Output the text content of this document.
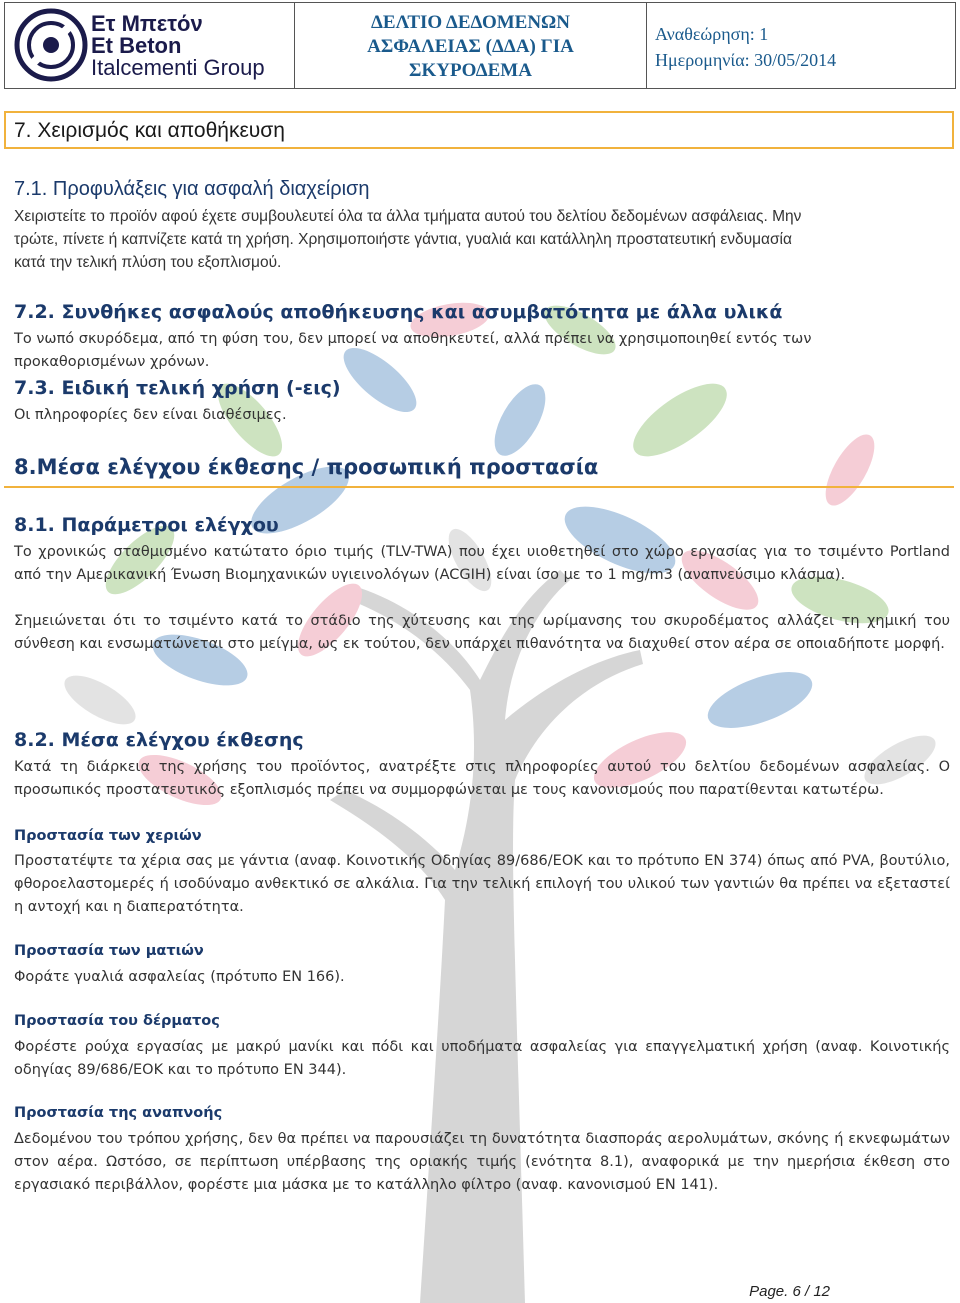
Ετ Μπετόν
Et Beton
Italcementi Group
ΔΕΛΤΙΟ ΔΕΔΟΜΕΝΩΝ
ΑΣΦΑΛΕΙΑΣ (ΔΔΑ) ΓΙΑ
ΣΚΥΡΟΔΕΜΑ
Αναθεώρηση: 1
Ημερομηνία: 30/05/2014
7. Χειρισμός και αποθήκευση
7.1. Προφυλάξεις για ασφαλή διαχείριση
Χειριστείτε το προϊόν αφού έχετε συμβουλευτεί όλα τα άλλα τμήματα αυτού του δελτίου δεδομένων ασφάλειας. Μην
τρώτε, πίνετε ή καπνίζετε κατά τη χρήση. Χρησιμοποιήστε γάντια, γυαλιά και κατάλληλη προστατευτική ενδυμασία
κατά την τελική πλύση του εξοπλισμού.
7.2. Συνθήκες ασφαλούς αποθήκευσης και ασυμβατότητα με άλλα υλικά
Το νωπό σκυρόδεμα, από τη φύση του, δεν μπορεί να αποθηκευτεί, αλλά πρέπει να χρησιμοποιηθεί εντός των
προκαθορισμένων χρόνων.
7.3. Ειδική τελική χρήση (-εις)
Οι πληροφορίες δεν είναι διαθέσιμες.
8.Μέσα ελέγχου έκθεσης / προσωπική προστασία
8.1. Παράμετροι ελέγχου
Το χρονικώς σταθμισμένο κατώτατο όριο τιμής (TLV-TWA) που έχει υιοθετηθεί στο χώρο εργασίας για το τσιμέντο Portland από την Αμερικανική Ένωση Βιομηχανικών υγιεινολόγων (ACGIH) είναι ίσο με το 1 mg/m3 (αναπνεύσιμο κλάσμα).
Σημειώνεται ότι το τσιμέντο κατά το στάδιο της χύτευσης και της ωρίμανσης του σκυροδέματος αλλάζει τη χημική του σύνθεση και ενσωματώνεται στο μείγμα, ως εκ τούτου, δεν υπάρχει πιθανότητα να διαχυθεί στον αέρα σε οποιαδήποτε μορφή.
8.2. Μέσα ελέγχου έκθεσης
Κατά τη διάρκεια της χρήσης του προϊόντος, ανατρέξτε στις πληροφορίες αυτού του δελτίου δεδομένων ασφαλείας. Ο προσωπικός προστατευτικός εξοπλισμός πρέπει να συμμορφώνεται με τους κανονισμούς που παρατίθενται κατωτέρω.
Προστασία των χεριών
Προστατέψτε τα χέρια σας με γάντια (αναφ. Κοινοτικής Οδηγίας 89/686/ΕΟΚ και το πρότυπο EN 374) όπως από PVA, βουτύλιο, φθοροελαστομερές ή ισοδύναμο ανθεκτικό σε αλκάλια. Για την τελική επιλογή του υλικού των γαντιών θα πρέπει να εξεταστεί η αντοχή και η διαπερατότητα.
Προστασία των ματιών
Φοράτε γυαλιά ασφαλείας (πρότυπο EN 166).
Προστασία του δέρματος
Φορέστε ρούχα εργασίας με μακρύ μανίκι και πόδι και υποδήματα ασφαλείας για επαγγελματική χρήση (αναφ. Κοινοτικής οδηγίας 89/686/ΕΟΚ και το πρότυπο EN 344).
Προστασία της αναπνοής
Δεδομένου του τρόπου χρήσης, δεν θα πρέπει να παρουσιάζει τη δυνατότητα διασποράς αερολυμάτων, σκόνης ή εκνεφωμάτων στον αέρα. Ωστόσο, σε περίπτωση υπέρβασης της οριακής τιμής (ενότητα 8.1), αναφορικά με την ημερήσια έκθεση στο εργασιακό περιβάλλον, φορέστε μια μάσκα με το κατάλληλο φίλτρο (αναφ. κανονισμού EN 141).
Page. 6 / 12
